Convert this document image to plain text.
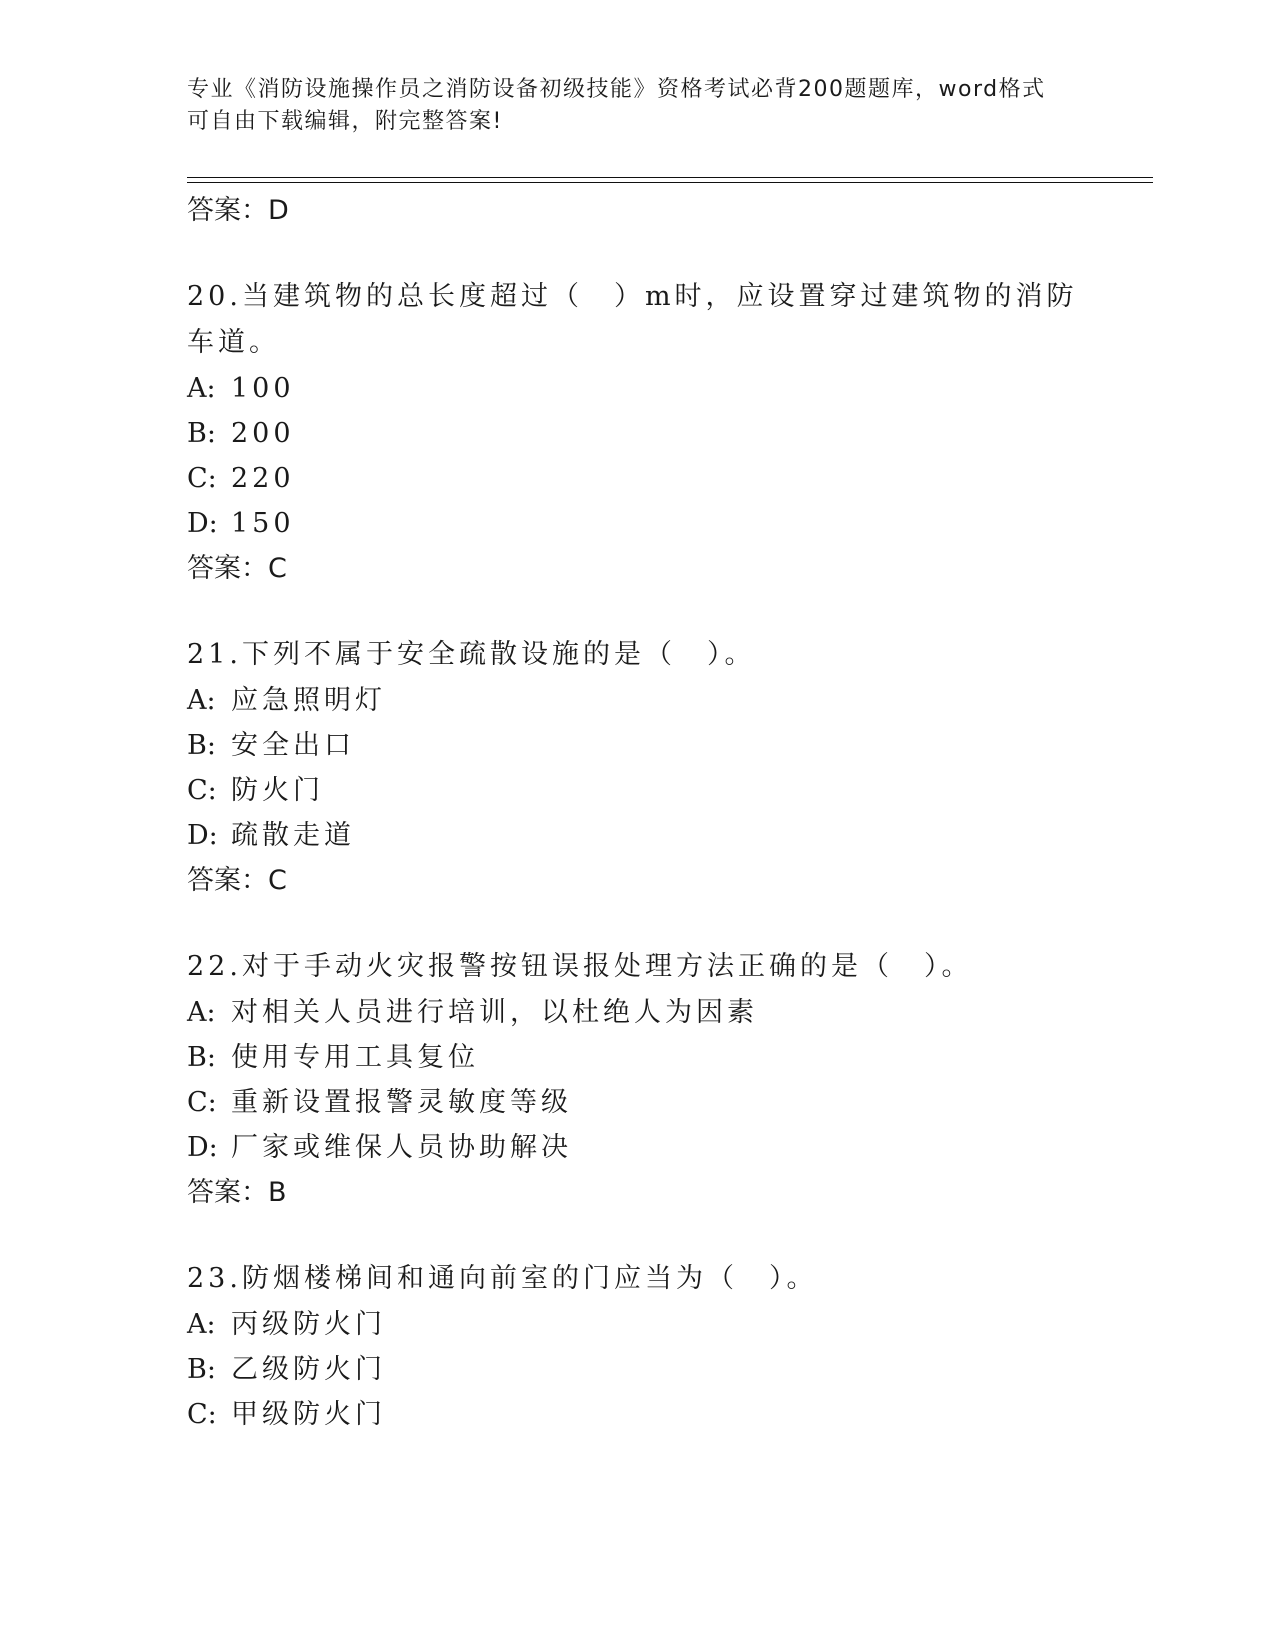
专业《消防设施操作员之消防设备初级技能》资格考试必背200题题库，word格式可自由下载编辑，附完整答案!

答案：D

20.当建筑物的总长度超过（　）m时，应设置穿过建筑物的消防车道。

A: 100
B: 200
C: 220
D: 150
答案：C

21.下列不属于安全疏散设施的是（　）。

A: 应急照明灯
B: 安全出口
C: 防火门
D: 疏散走道
答案：C

22.对于手动火灾报警按钮误报处理方法正确的是（　）。

A: 对相关人员进行培训，以杜绝人为因素
B: 使用专用工具复位
C: 重新设置报警灵敏度等级
D: 厂家或维保人员协助解决
答案：B

23.防烟楼梯间和通向前室的门应当为（　）。

A: 丙级防火门
B: 乙级防火门
C: 甲级防火门
